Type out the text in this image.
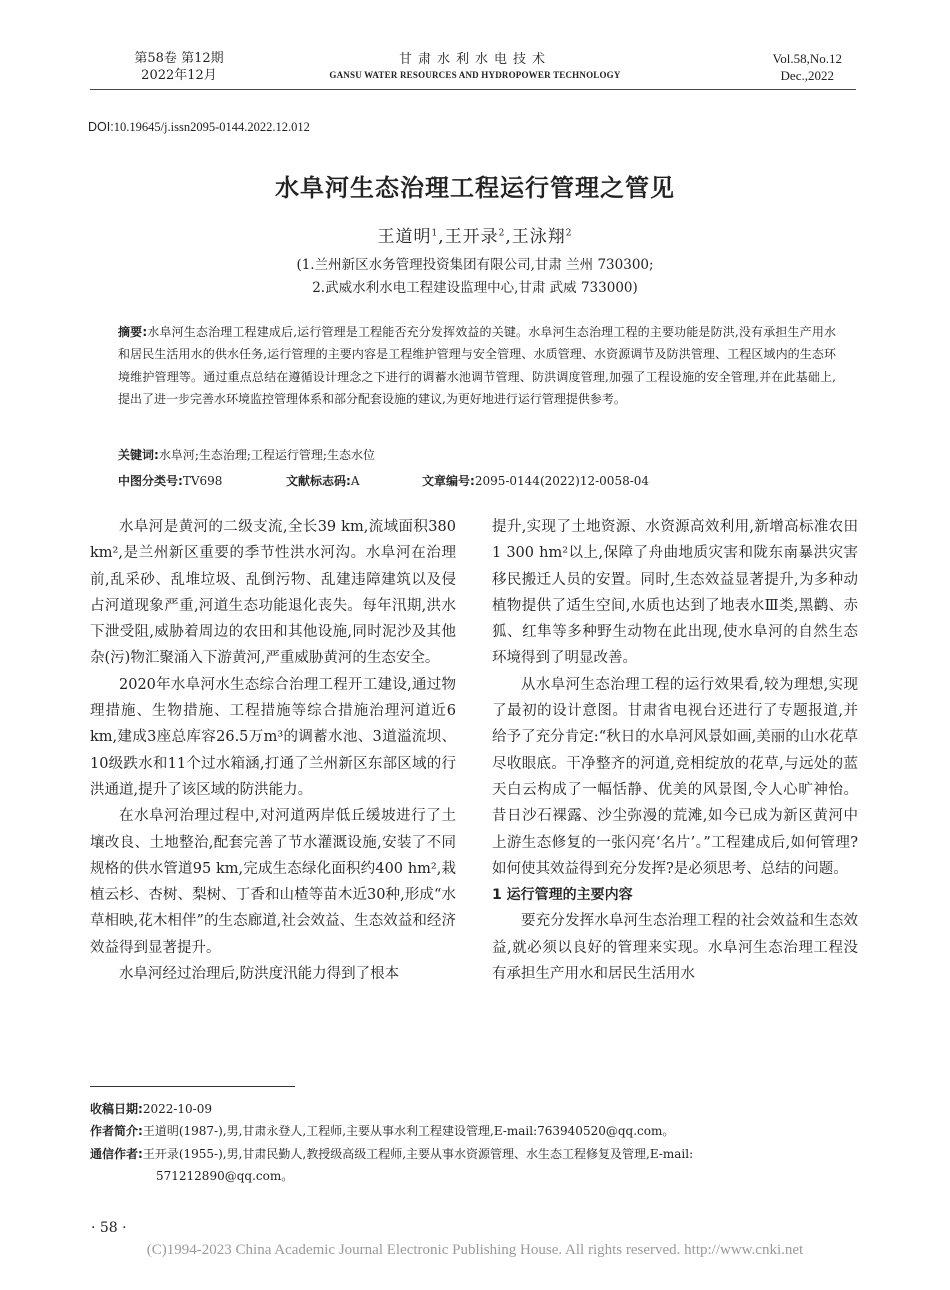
第58卷 第12期
2022年12月
甘肃水利水电技术
GANSU WATER RESOURCES AND HYDROPOWER TECHNOLOGY
Vol.58,No.12
Dec.,2022
DOI:10.19645/j.issn2095-0144.2022.12.012
水阜河生态治理工程运行管理之管见
王道明$^1$,王开录$^2$,王泳翔$^2$
(1.兰州新区水务管理投资集团有限公司,甘肃 兰州 730300;
2.武威水利水电工程建设监理中心,甘肃 武威 733000)
摘要:水阜河生态治理工程建成后,运行管理是工程能否充分发挥效益的关键。水阜河生态治理工程的主要功能是防洪,没有承担生产用水和居民生活用水的供水任务,运行管理的主要内容是工程维护管理与安全管理、水质管理、水资源调节及防洪管理、工程区域内的生态环境维护管理等。通过重点总结在遵循设计理念之下进行的调蓄水池调节管理、防洪调度管理,加强了工程设施的安全管理,并在此基础上,提出了进一步完善水环境监控管理体系和部分配套设施的建议,为更好地进行运行管理提供参考。
关键词:水阜河;生态治理;工程运行管理;生态水位
中图分类号:TV698	文献标志码:A	文章编号:2095-0144(2022)12-0058-04

水阜河是黄河的二级支流,全长39 km,流域面积380 km²,是兰州新区重要的季节性洪水河沟。水阜河在治理前,乱采砂、乱堆垃圾、乱倒污物、乱建违障建筑以及侵占河道现象严重,河道生态功能退化丧失。每年汛期,洪水下泄受阻,威胁着周边的农田和其他设施,同时泥沙及其他杂(污)物汇聚涌入下游黄河,严重威胁黄河的生态安全。

2020年水阜河水生态综合治理工程开工建设,通过物理措施、生物措施、工程措施等综合措施治理河道近6 km,建成3座总库容26.5万m³的调蓄水池、3道溢流坝、10级跌水和11个过水箱涵,打通了兰州新区东部区域的行洪通道,提升了该区域的防洪能力。

在水阜河治理过程中,对河道两岸低丘缓坡进行了土壤改良、土地整治,配套完善了节水灌溉设施,安装了不同规格的供水管道95 km,完成生态绿化面积约400 hm²,栽植云杉、杏树、梨树、丁香和山楂等苗木近30种,形成“水草相映,花木相伴”的生态廊道,社会效益、生态效益和经济效益得到显著提升。

水阜河经过治理后,防洪度汛能力得到了根本

提升,实现了土地资源、水资源高效利用,新增高标准农田1 300 hm²以上,保障了舟曲地质灾害和陇东南暴洪灾害移民搬迁人员的安置。同时,生态效益显著提升,为多种动植物提供了适生空间,水质也达到了地表水Ⅲ类,黑鹳、赤狐、红隼等多种野生动物在此出现,使水阜河的自然生态环境得到了明显改善。

从水阜河生态治理工程的运行效果看,较为理想,实现了最初的设计意图。甘肃省电视台还进行了专题报道,并给予了充分肯定:“秋日的水阜河风景如画,美丽的山水花草尽收眼底。干净整齐的河道,竞相绽放的花草,与远处的蓝天白云构成了一幅恬静、优美的风景图,令人心旷神怡。昔日沙石裸露、沙尘弥漫的荒滩,如今已成为新区黄河中上游生态修复的一张闪亮‘名片’。”工程建成后,如何管理?如何使其效益得到充分发挥?是必须思考、总结的问题。

1 运行管理的主要内容

要充分发挥水阜河生态治理工程的社会效益和生态效益,就必须以良好的管理来实现。水阜河生态治理工程没有承担生产用水和居民生活用水

收稿日期:2022-10-09

作者简介:王道明(1987-),男,甘肃永登人,工程师,主要从事水利工程建设管理,E-mail:763940520@qq.com。

通信作者:王开录(1955-),男,甘肃民勤人,教授级高级工程师,主要从事水资源管理、水生态工程修复及管理,E-mail:

571212890@qq.com。

· 58 ·
(C)1994-2023 China Academic Journal Electronic Publishing House. All rights reserved. http://www.cnki.net
